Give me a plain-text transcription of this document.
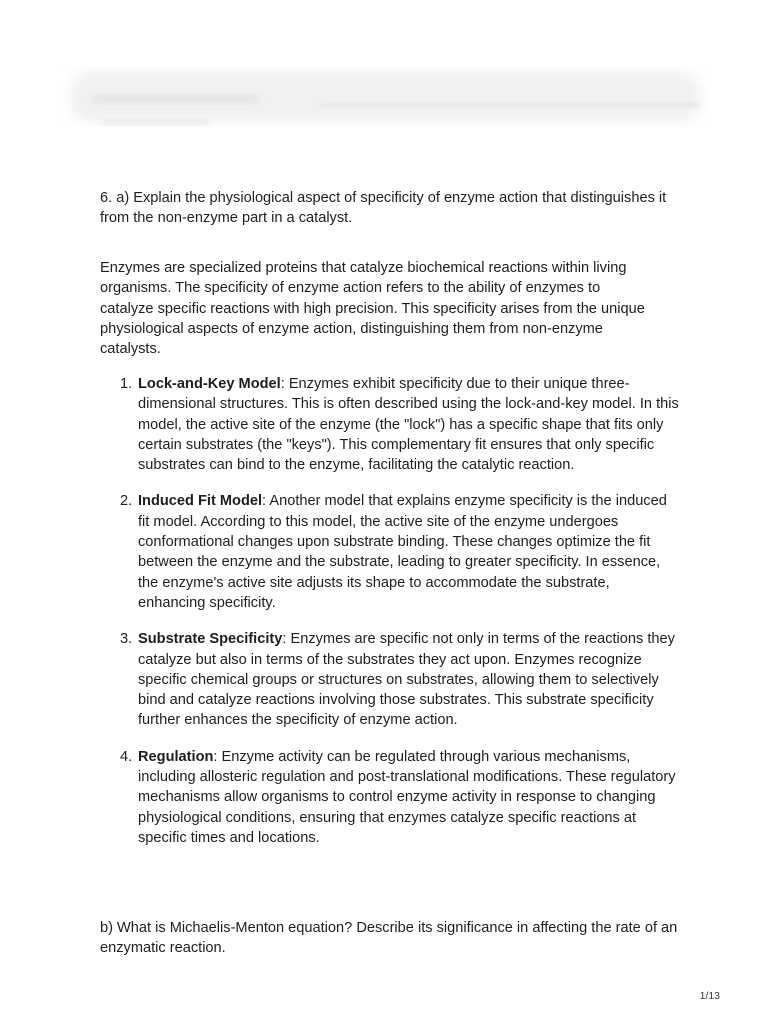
6. a) Explain the physiological aspect of specificity of enzyme action that distinguishes it from the non-enzyme part in a catalyst.

Enzymes are specialized proteins that catalyze biochemical reactions within living organisms. The specificity of enzyme action refers to the ability of enzymes to catalyze specific reactions with high precision. This specificity arises from the unique physiological aspects of enzyme action, distinguishing them from non-enzyme catalysts.

1. Lock-and-Key Model: Enzymes exhibit specificity due to their unique three-dimensional structures. This is often described using the lock-and-key model. In this model, the active site of the enzyme (the "lock") has a specific shape that fits only certain substrates (the "keys"). This complementary fit ensures that only specific substrates can bind to the enzyme, facilitating the catalytic reaction.
2. Induced Fit Model: Another model that explains enzyme specificity is the induced fit model. According to this model, the active site of the enzyme undergoes conformational changes upon substrate binding. These changes optimize the fit between the enzyme and the substrate, leading to greater specificity. In essence, the enzyme's active site adjusts its shape to accommodate the substrate, enhancing specificity.
3. Substrate Specificity: Enzymes are specific not only in terms of the reactions they catalyze but also in terms of the substrates they act upon. Enzymes recognize specific chemical groups or structures on substrates, allowing them to selectively bind and catalyze reactions involving those substrates. This substrate specificity further enhances the specificity of enzyme action.
4. Regulation: Enzyme activity can be regulated through various mechanisms, including allosteric regulation and post-translational modifications. These regulatory mechanisms allow organisms to control enzyme activity in response to changing physiological conditions, ensuring that enzymes catalyze specific reactions at specific times and locations.

b) What is Michaelis-Menton equation? Describe its significance in affecting the rate of an enzymatic reaction.

1/13
